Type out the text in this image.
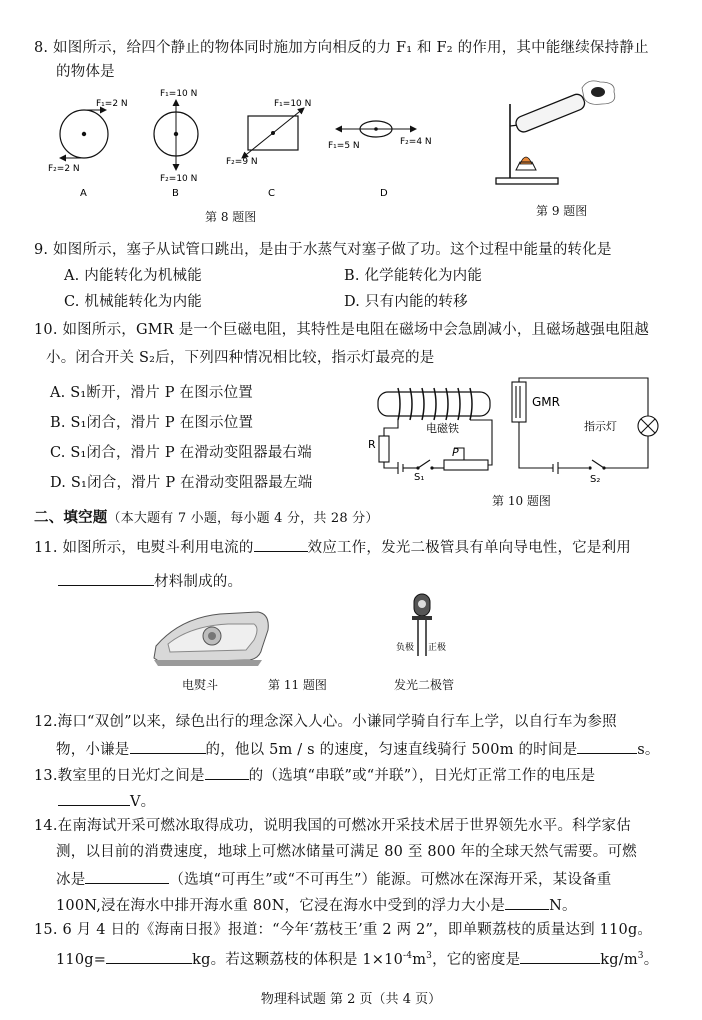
8. 如图所示，给四个静止的物体同时施加方向相反的力 F₁ 和 F₂ 的作用，其中能继续保持静止
的物体是
F₁=2 N
F₂=2 N
A
F₁=10 N
F₂=10 N
B
F₁=10 N
F₂=9 N
C
F₁=5 N	F₂=4 N
D
第 8 题图	第 9 题图
9. 如图所示，塞子从试管口跳出，是由于水蒸气对塞子做了功。这个过程中能量的转化是
A. 内能转化为机械能	B. 化学能转化为内能
C. 机械能转化为内能	D. 只有内能的转移
10. 如图所示，GMR 是一个巨磁电阻，其特性是电阻在磁场中会急剧减小，且磁场越强电阻越
小。闭合开关 S₂后，下列四种情况相比较，指示灯最亮的是
A. S₁断开，滑片 P 在图示位置
B. S₁闭合，滑片 P 在图示位置
C. S₁闭合，滑片 P 在滑动变阻器最右端
D. S₁闭合，滑片 P 在滑动变阻器最左端
R
电磁铁
P
S₁
GMR
指示灯
S₂
第 10 题图
二、填空题（本大题有 7 小题，每小题 4 分，共 28 分）
11. 如图所示，电熨斗利用电流的	效应工作，发光二极管具有单向导电性，它是利用
材料制成的。
负极 正极
电熨斗	第 11 题图	发光二极管
12.海口“双创”以来，绿色出行的理念深入人心。小谦同学骑自行车上学，以自行车为参照
物，小谦是	的，他以 5m / s 的速度，匀速直线骑行 500m 的时间是	s。
13.教室里的日光灯之间是	的（选填“串联”或“并联”），日光灯正常工作的电压是
V。
14.在南海试开采可燃冰取得成功，说明我国的可燃冰开采技术居于世界领先水平。科学家估
测，以目前的消费速度，地球上可燃冰储量可满足 80 至 800 年的全球天然气需要。可燃
冰是	（选填“可再生”或“不可再生”）能源。可燃冰在深海开采，某设备重
100N,浸在海水中排开海水重 80N，它浸在海水中受到的浮力大小是	N。
15. 6 月 4 日的《海南日报》报道：“今年‘荔枝王’重 2 两 2”，即单颗荔枝的质量达到 110g。
110g=	kg。若这颗荔枝的体积是 $1\times 10^{-4}m^3$，它的密度是	$kg/m^3$。
物理科试题 第 2 页（共 4 页）
